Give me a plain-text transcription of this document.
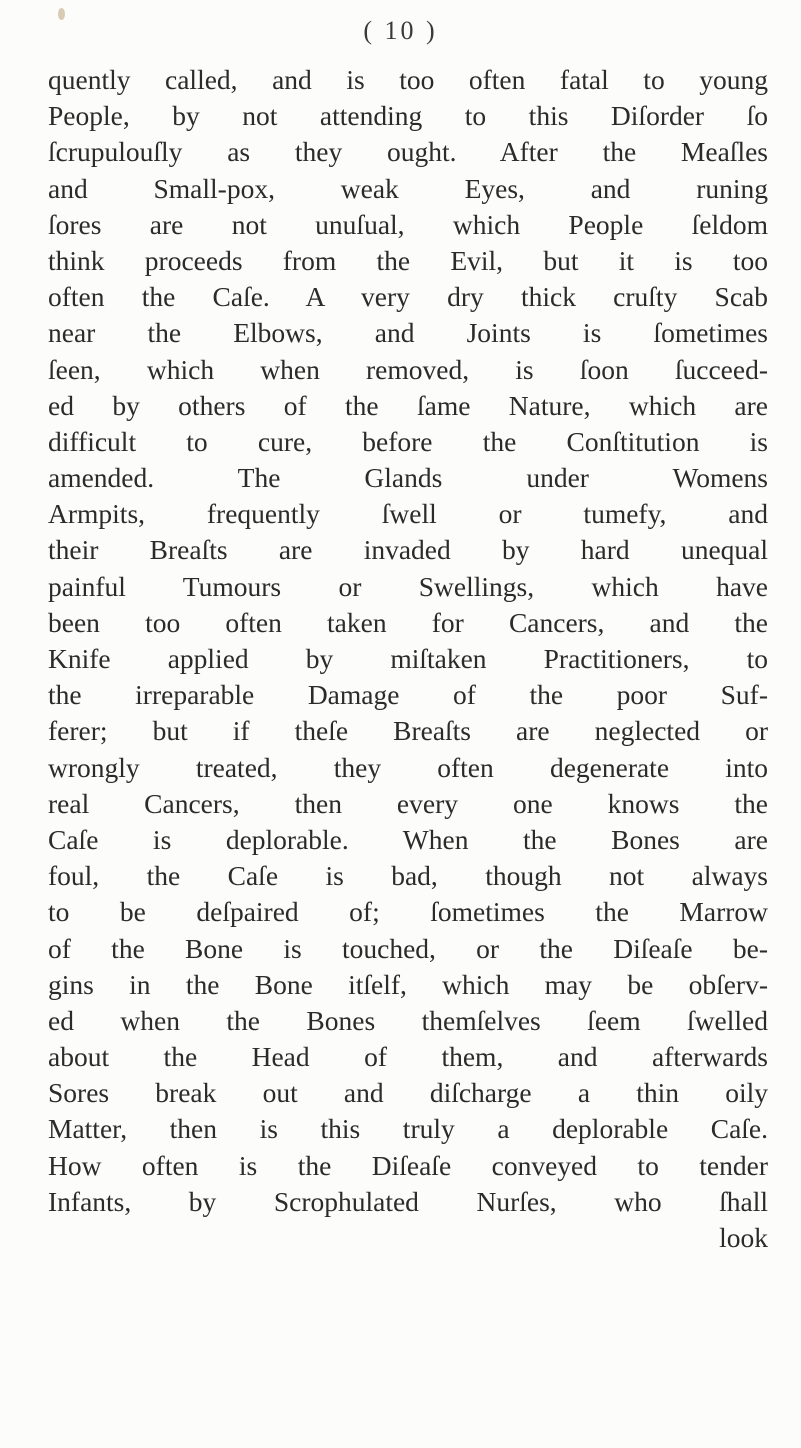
( 10 )
quently called, and is too often fatal to young
People, by not attending to this Diſorder ſo
ſcrupulouſly as they ought. After the Meaſles
and Small-pox, weak Eyes, and runing
ſores are not unuſual, which People ſeldom
think proceeds from the Evil, but it is too
often the Caſe. A very dry thick cruſty Scab
near the Elbows, and Joints is ſometimes
ſeen, which when removed, is ſoon ſucceed-
ed by others of the ſame Nature, which are
difficult to cure, before the Conſtitution is
amended. The Glands under Womens
Armpits, frequently ſwell or tumefy, and
their Breaſts are invaded by hard unequal
painful Tumours or Swellings, which have
been too often taken for Cancers, and the
Knife applied by miſtaken Practitioners, to
the irreparable Damage of the poor Suf-
ferer; but if theſe Breaſts are neglected or
wrongly treated, they often degenerate into
real Cancers, then every one knows the
Caſe is deplorable. When the Bones are
foul, the Caſe is bad, though not always
to be deſpaired of; ſometimes the Marrow
of the Bone is touched, or the Diſeaſe be-
gins in the Bone itſelf, which may be obſerv-
ed when the Bones themſelves ſeem ſwelled
about the Head of them, and afterwards
Sores break out and diſcharge a thin oily
Matter, then is this truly a deplorable Caſe.
How often is the Diſeaſe conveyed to tender
Infants, by Scrophulated Nurſes, who ſhall
look
